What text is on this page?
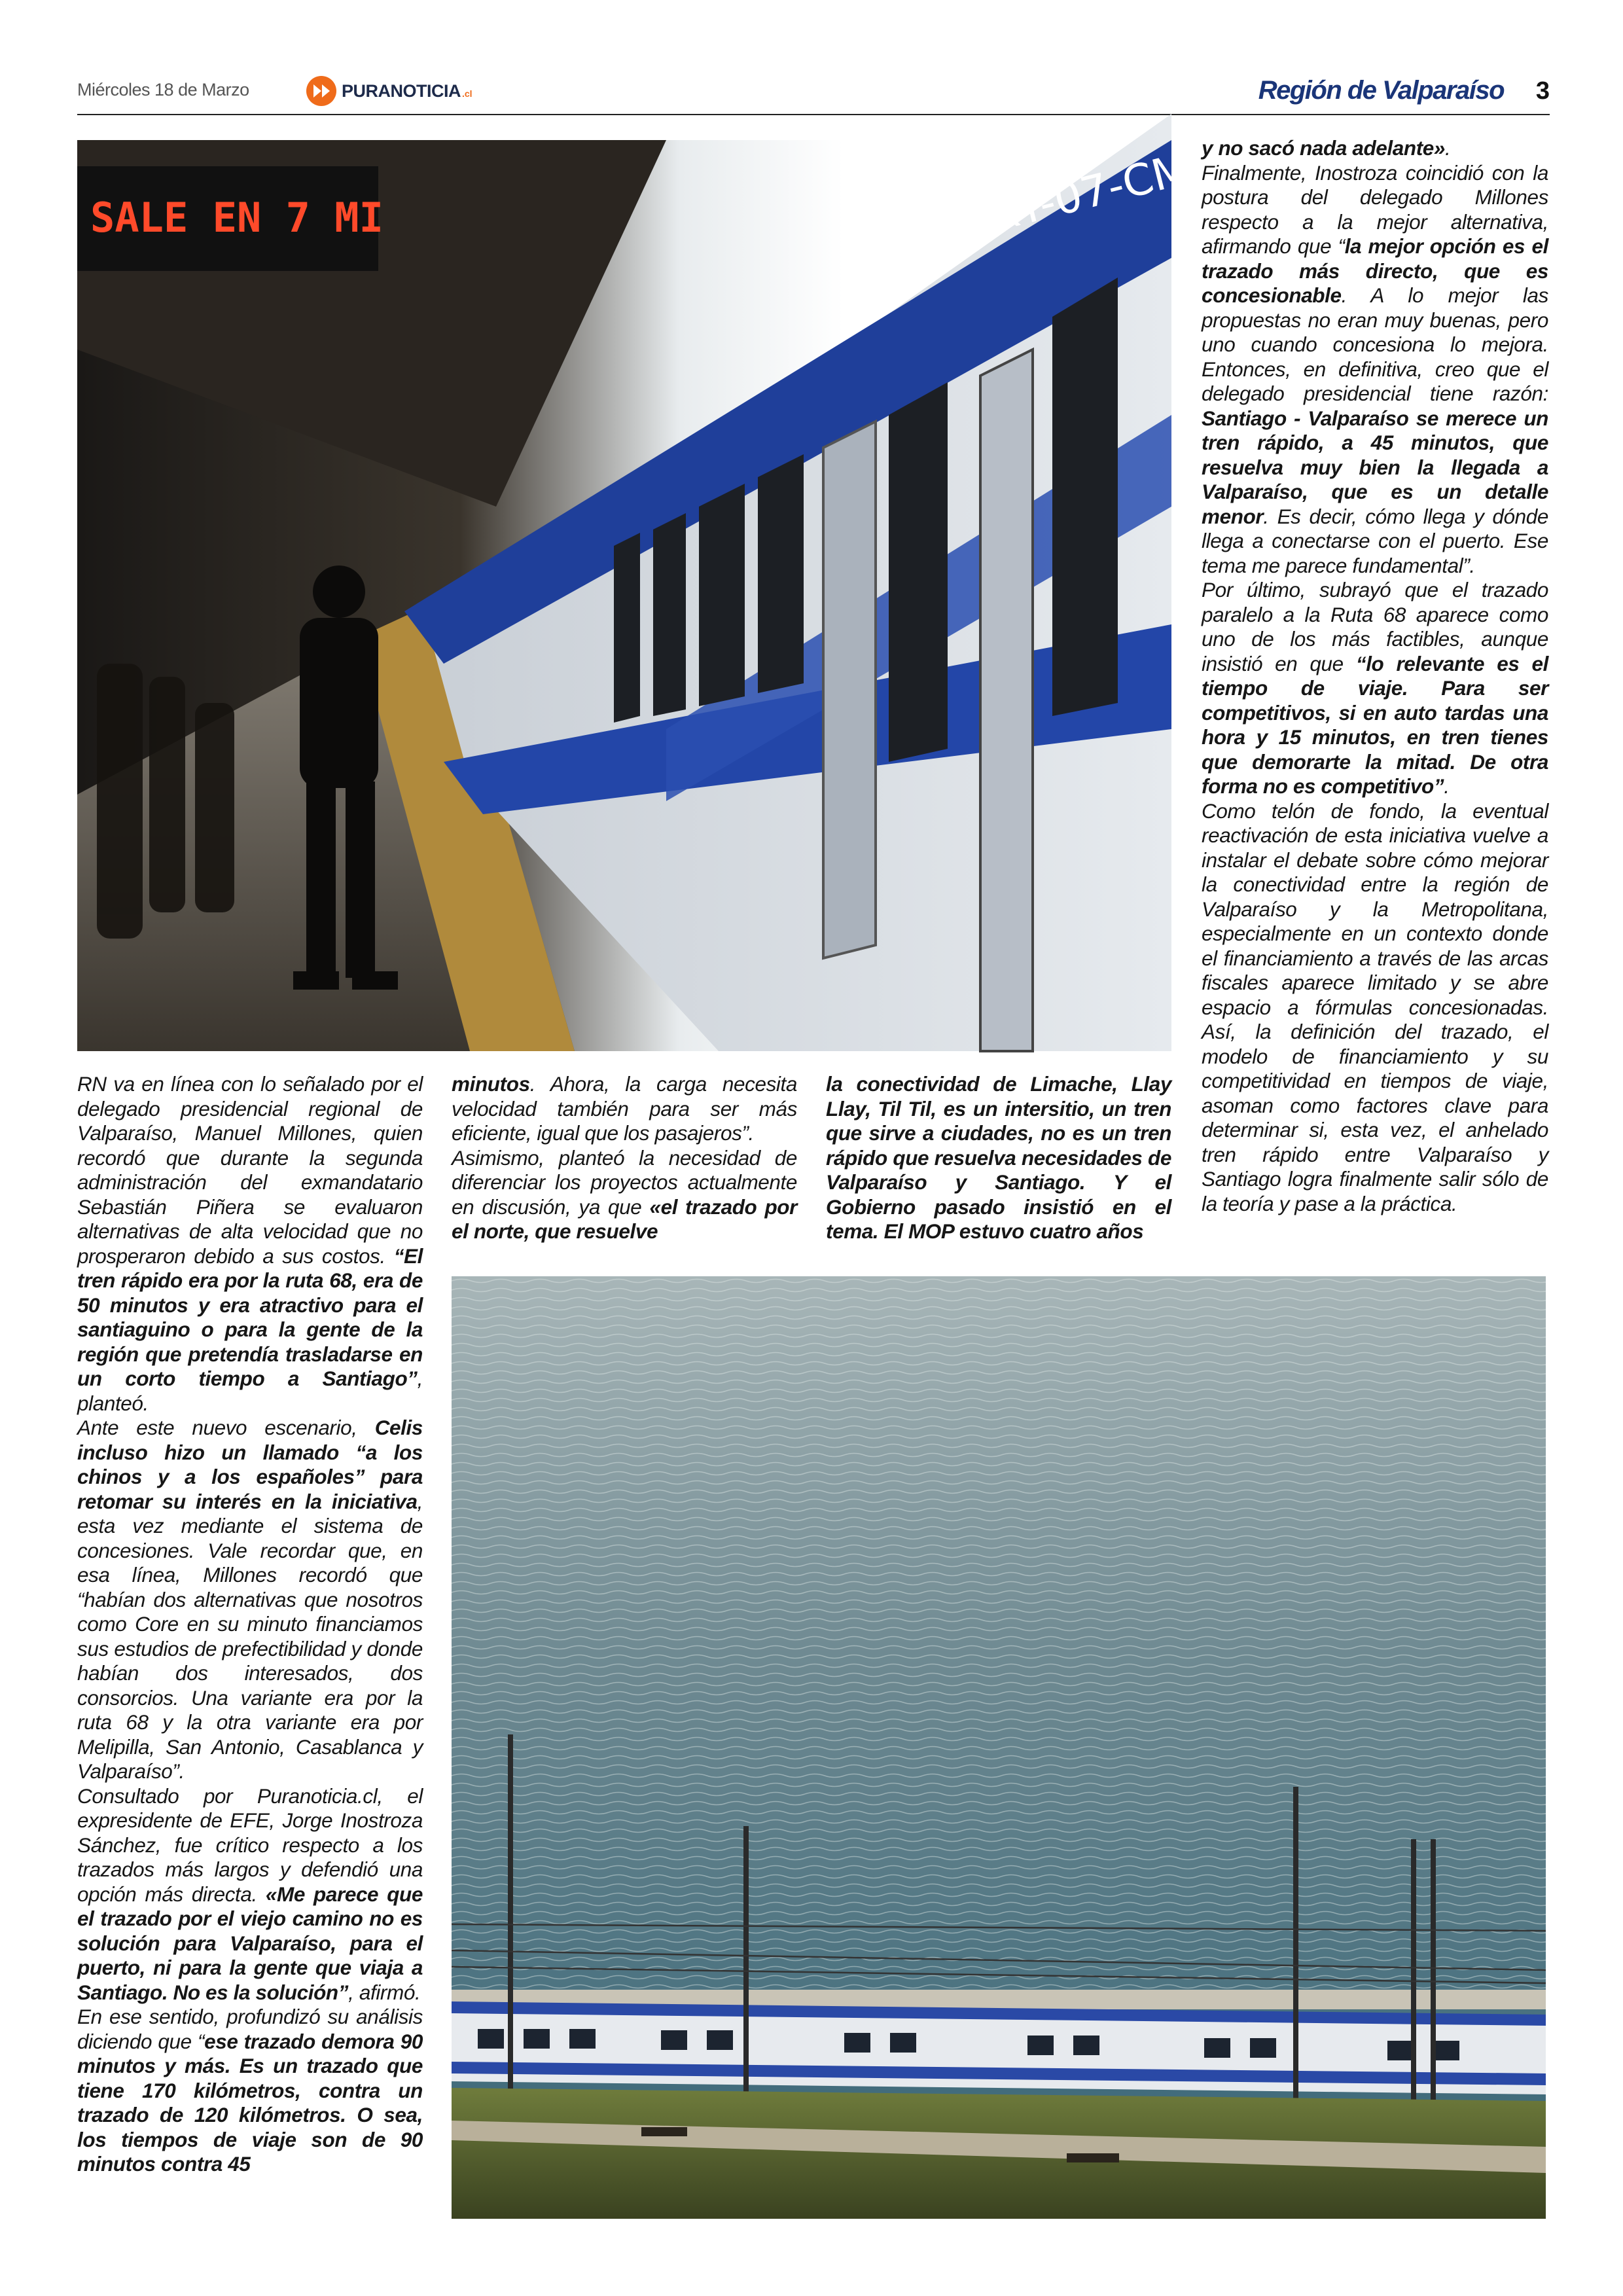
Miércoles 18 de Marzo	PURANOTICIA .cl	Región de Valparaíso 3
SALE EN 7 MI	XT-07-CM

RN va en línea con lo señalado por el delegado presidencial regional de Valparaíso, Manuel Millones, quien recordó que durante la segunda administración del exmandatario Sebastián Piñera se evaluaron alternativas de alta velocidad que no prosperaron debido a sus costos. “El tren rápido era por la ruta 68, era de 50 minutos y era atractivo para el santiaguino o para la gente de la región que pretendía trasladarse en un corto tiempo a Santiago”, planteó.

Ante este nuevo escenario, Celis incluso hizo un llamado “a los chinos y a los españoles” para retomar su interés en la iniciativa, esta vez mediante el sistema de concesiones. Vale recordar que, en esa línea, Millones recordó que “habían dos alternativas que nosotros como Core en su minuto financiamos sus estudios de prefectibilidad y donde habían dos interesados, dos consorcios. Una variante era por la ruta 68 y la otra variante era por Melipilla, San Antonio, Casablanca y Valparaíso”.

Consultado por Puranoticia.cl, el expresidente de EFE, Jorge Inostroza Sánchez, fue crítico respecto a los trazados más largos y defendió una opción más directa. «Me parece que el trazado por el viejo camino no es solución para Valparaíso, para el puerto, ni para la gente que viaja a Santiago. No es la solución”, afirmó.

En ese sentido, profundizó su análisis diciendo que “ese trazado demora 90 minutos y más. Es un trazado que tiene 170 kilómetros, contra un trazado de 120 kilómetros. O sea, los tiempos de viaje son de 90 minutos contra 45

minutos. Ahora, la carga necesita velocidad también para ser más eficiente, igual que los pasajeros”.

Asimismo, planteó la necesidad de diferenciar los proyectos actualmente en discusión, ya que «el trazado por el norte, que resuelve

la conectividad de Limache, Llay Llay, Til Til, es un intersitio, un tren que sirve a ciudades, no es un tren rápido que resuelva necesidades de Valparaíso y Santiago. Y el Gobierno pasado insistió en el tema. El MOP estuvo cuatro años

y no sacó nada adelante».

Finalmente, Inostroza coincidió con la postura del delegado Millones respecto a la mejor alternativa, afirmando que “la mejor opción es el trazado más directo, que es concesionable. A lo mejor las propuestas no eran muy buenas, pero uno cuando concesiona lo mejora. Entonces, en definitiva, creo que el delegado presidencial tiene razón: Santiago - Valparaíso se merece un tren rápido, a 45 minutos, que resuelva muy bien la llegada a Valparaíso, que es un detalle menor. Es decir, cómo llega y dónde llega a conectarse con el puerto. Ese tema me parece fundamental”.

Por último, subrayó que el trazado paralelo a la Ruta 68 aparece como uno de los más factibles, aunque insistió en que “lo relevante es el tiempo de viaje. Para ser competitivos, si en auto tardas una hora y 15 minutos, en tren tienes que demorarte la mitad. De otra forma no es competitivo”.

Como telón de fondo, la eventual reactivación de esta iniciativa vuelve a instalar el debate sobre cómo mejorar la conectividad entre la región de Valparaíso y la Metropolitana, especialmente en un contexto donde el financiamiento a través de las arcas fiscales aparece limitado y se abre espacio a fórmulas concesionadas. Así, la definición del trazado, el modelo de financiamiento y su competitividad en tiempos de viaje, asoman como factores clave para determinar si, esta vez, el anhelado tren rápido entre Valparaíso y Santiago logra finalmente salir sólo de la teoría y pase a la práctica.
